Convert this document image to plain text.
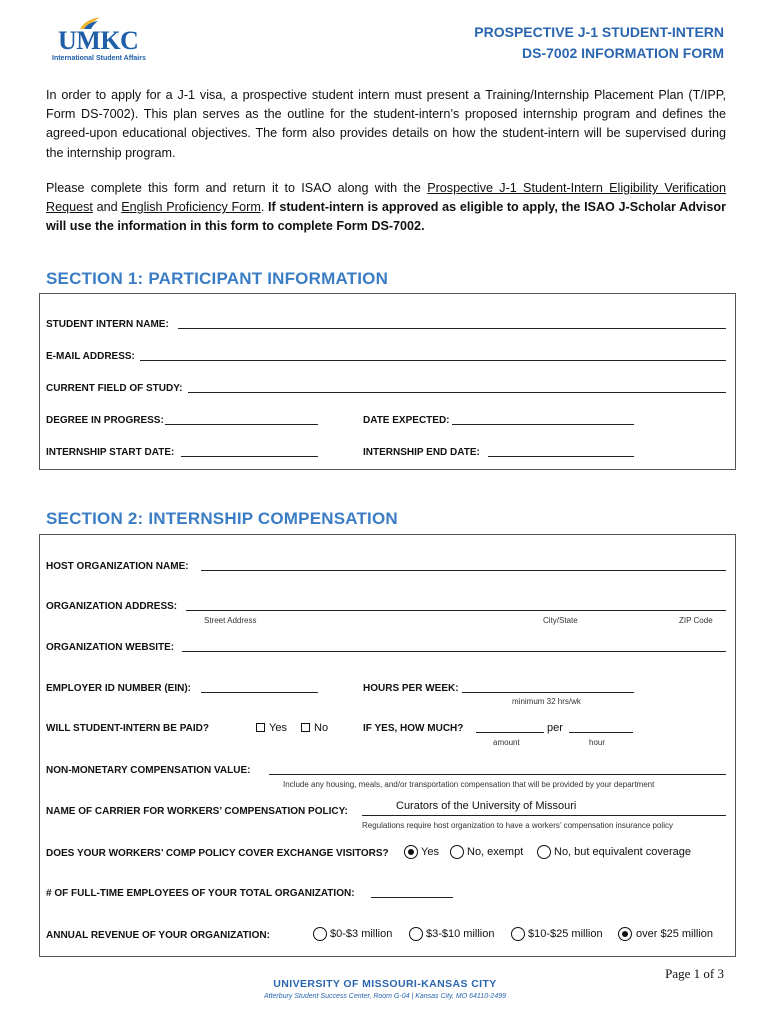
UMKC
International Student Affairs
PROSPECTIVE J-1 STUDENT-INTERN
DS-7002 INFORMATION FORM
In order to apply for a J-1 visa, a prospective student intern must present a Training/Internship Placement Plan (T/IPP, Form DS-7002). This plan serves as the outline for the student-intern’s proposed internship program and defines the agreed-upon educational objectives. The form also provides details on how the student-intern will be supervised during the internship program.
Please complete this form and return it to ISAO along with the Prospective J-1 Student-Intern Eligibility Verification Request and English Proficiency Form. If student-intern is approved as eligible to apply, the ISAO J-Scholar Advisor will use the information in this form to complete Form DS-7002.
SECTION 1: PARTICIPANT INFORMATION
STUDENT INTERN NAME:
E-MAIL ADDRESS:
CURRENT FIELD OF STUDY:
DEGREE IN PROGRESS:	DATE EXPECTED:
INTERNSHIP START DATE:	INTERNSHIP END DATE:
SECTION 2: INTERNSHIP COMPENSATION
HOST ORGANIZATION NAME:
ORGANIZATION ADDRESS:
Street Address	City/State	ZIP Code
ORGANIZATION WEBSITE:
EMPLOYER ID NUMBER (EIN):	HOURS PER WEEK:
minimum 32 hrs/wk
WILL STUDENT-INTERN BE PAID?	Yes	No	IF YES, HOW MUCH?	per
amount	hour
NON-MONETARY COMPENSATION VALUE:
Include any housing, meals, and/or transportation compensation that will be provided by your department
NAME OF CARRIER FOR WORKERS’ COMPENSATION POLICY:	Curators of the University of Missouri
Regulations require host organization to have a workers’ compensation insurance policy
DOES YOUR WORKERS’ COMP POLICY COVER EXCHANGE VISITORS?	Yes	No, exempt	No, but equivalent coverage
# OF FULL-TIME EMPLOYEES OF YOUR TOTAL ORGANIZATION:
ANNUAL REVENUE OF YOUR ORGANIZATION:	$0-$3 million	$3-$10 million	$10-$25 million	over $25 million
Page 1 of 3
UNIVERSITY OF MISSOURI-KANSAS CITY
Atterbury Student Success Center, Room G-04 | Kansas City, MO 64110-2499
